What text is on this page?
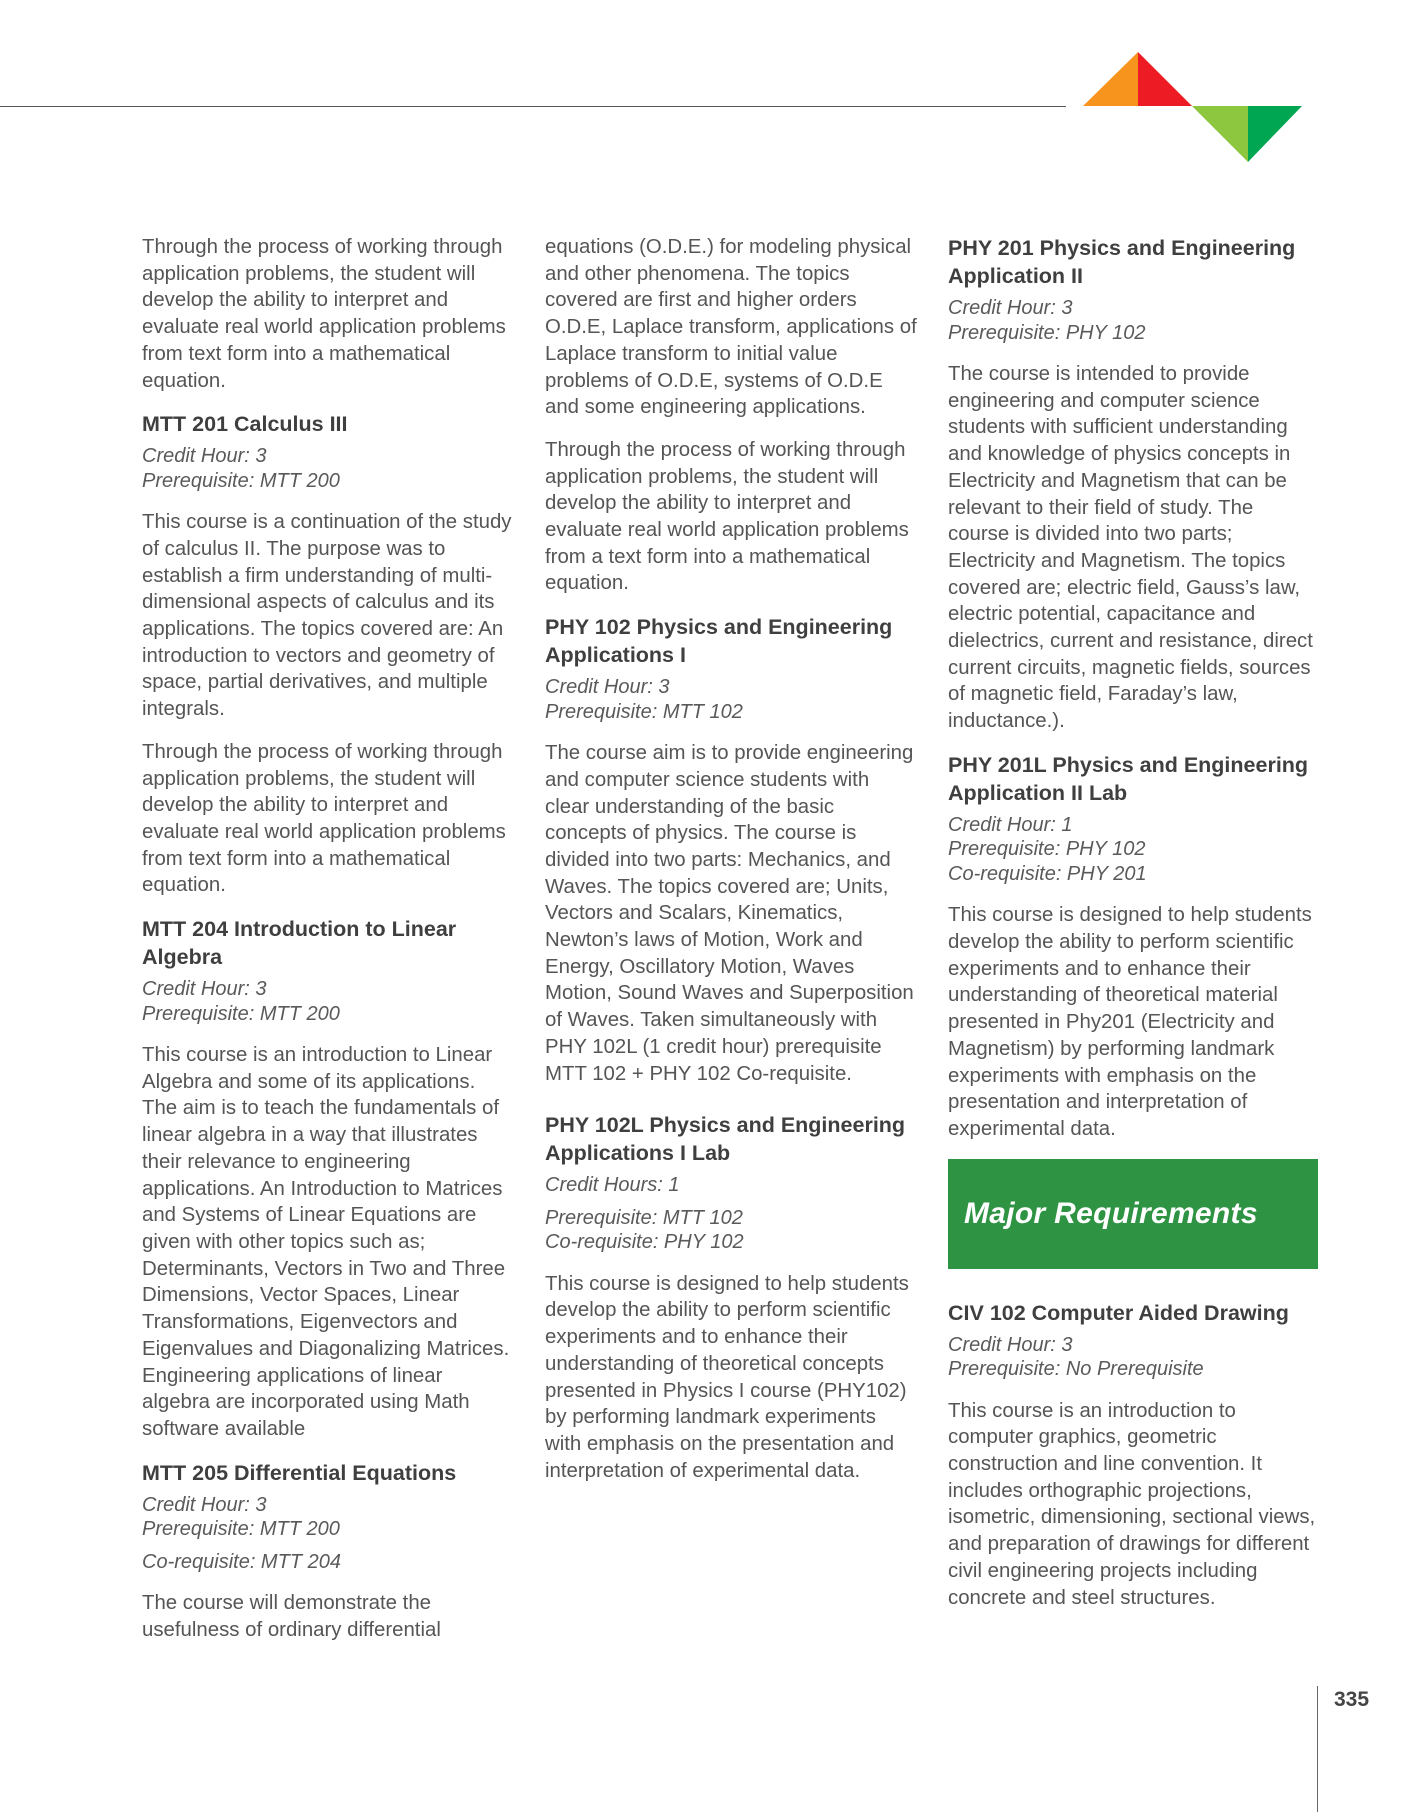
Through the process of working through application problems, the student will develop the ability to interpret and evaluate real world application problems from text form into a mathematical equation.

MTT 201 Calculus III

Credit Hour: 3
Prerequisite: MTT 200

This course is a continuation of the study of calculus II. The purpose was to establish a firm understanding of multi-dimensional aspects of calculus and its applications. The topics covered are: An introduction to vectors and geometry of space, partial derivatives, and multiple integrals.

Through the process of working through application problems, the student will develop the ability to interpret and evaluate real world application problems from text form into a mathematical equation.

MTT 204 Introduction to Linear Algebra

Credit Hour: 3
Prerequisite: MTT 200

This course is an introduction to Linear Algebra and some of its applications. The aim is to teach the fundamentals of linear algebra in a way that illustrates their relevance to engineering applications. An Introduction to Matrices and Systems of Linear Equations are given with other topics such as; Determinants, Vectors in Two and Three Dimensions, Vector Spaces, Linear Transformations, Eigenvectors and Eigenvalues and Diagonalizing Matrices. Engineering applications of linear algebra are incorporated using Math software available

MTT 205 Differential Equations

Credit Hour: 3
Prerequisite: MTT 200

Co-requisite: MTT 204

The course will demonstrate the usefulness of ordinary differential

equations (O.D.E.) for modeling physical and other phenomena. The topics covered are first and higher orders O.D.E, Laplace transform, applications of Laplace transform to initial value problems of O.D.E, systems of O.D.E and some engineering applications.

Through the process of working through application problems, the student will develop the ability to interpret and evaluate real world application problems from a text form into a mathematical equation.

PHY 102 Physics and Engineering Applications I

Credit Hour: 3
Prerequisite: MTT 102

The course aim is to provide engineering and computer science students with clear understanding of the basic concepts of physics. The course is divided into two parts: Mechanics, and Waves. The topics covered are; Units, Vectors and Scalars, Kinematics, Newton’s laws of Motion, Work and Energy, Oscillatory Motion, Waves Motion, Sound Waves and Superposition of Waves. Taken simultaneously with PHY 102L (1 credit hour) prerequisite MTT 102 + PHY 102 Co-requisite.

PHY 102L Physics and Engineering Applications I Lab

Credit Hours: 1

Prerequisite: MTT 102
Co-requisite: PHY 102

This course is designed to help students develop the ability to perform scientific experiments and to enhance their understanding of theoretical concepts presented in Physics I course (PHY102) by performing landmark experiments with emphasis on the presentation and interpretation of experimental data.

PHY 201 Physics and Engineering Application II

Credit Hour: 3
Prerequisite: PHY 102

The course is intended to provide engineering and computer science students with sufficient understanding and knowledge of physics concepts in Electricity and Magnetism that can be relevant to their field of study. The course is divided into two parts; Electricity and Magnetism. The topics covered are; electric field, Gauss’s law, electric potential, capacitance and dielectrics, current and resistance, direct current circuits, magnetic fields, sources of magnetic field, Faraday’s law, inductance.).

PHY 201L Physics and Engineering Application II Lab

Credit Hour: 1
Prerequisite: PHY 102
Co-requisite: PHY 201

This course is designed to help students develop the ability to perform scientific experiments and to enhance their understanding of theoretical material presented in Phy201 (Electricity and Magnetism) by performing landmark experiments with emphasis on the presentation and interpretation of experimental data.

Major Requirements
CIV 102 Computer Aided Drawing

Credit Hour: 3
Prerequisite: No Prerequisite

This course is an introduction to computer graphics, geometric construction and line convention. It includes orthographic projections, isometric, dimensioning, sectional views, and preparation of drawings for different civil engineering projects including concrete and steel structures.

335
